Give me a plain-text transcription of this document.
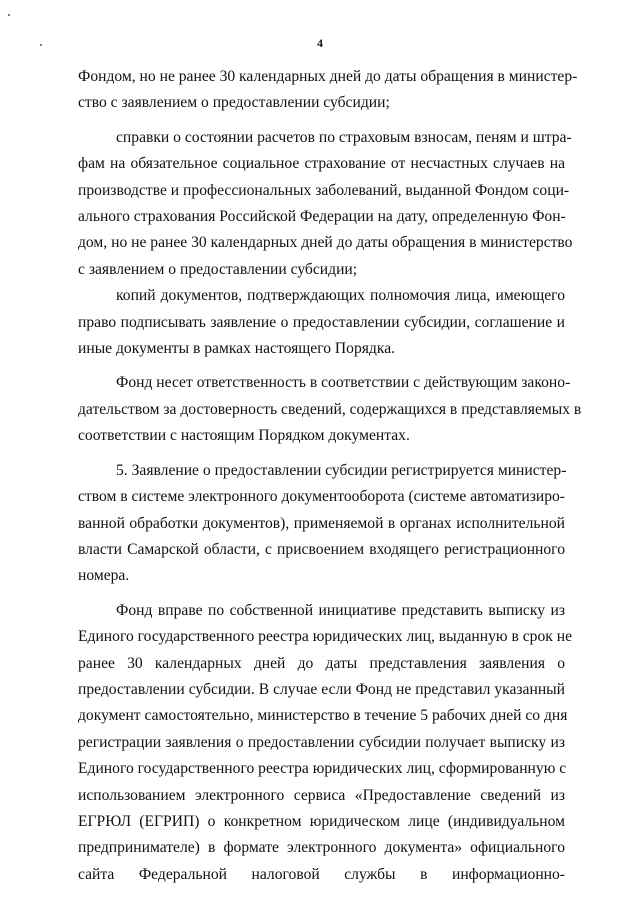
4

Фондом, но не ранее 30 календарных дней до даты обращения в министер-
ство с заявлением о предоставлении субсидии;

справки о состоянии расчетов по страховым взносам, пеням и штра-
фам на обязательное социальное страхование от несчастных случаев на
производстве и профессиональных заболеваний, выданной Фондом соци-
ального страхования Российской Федерации на дату, определенную Фон-
дом, но не ранее 30 календарных дней до даты обращения в министерство
с заявлением о предоставлении субсидии;

копий документов, подтверждающих полномочия лица, имеющего
право подписывать заявление о предоставлении субсидии, соглашение и
иные документы в рамках настоящего Порядка.

Фонд несет ответственность в соответствии с действующим законо-
дательством за достоверность сведений, содержащихся в представляемых в
соответствии с настоящим Порядком документах.

5. Заявление о предоставлении субсидии регистрируется министер-
ством в системе электронного документооборота (системе автоматизиро-
ванной обработки документов), применяемой в органах исполнительной
власти Самарской области, с присвоением входящего регистрационного
номера.

Фонд вправе по собственной инициативе представить выписку из
Единого государственного реестра юридических лиц, выданную в срок не
ранее 30 календарных дней до даты представления заявления о
предоставлении субсидии. В случае если Фонд не представил указанный
документ самостоятельно, министерство в течение 5 рабочих дней со дня
регистрации заявления о предоставлении субсидии получает выписку из
Единого государственного реестра юридических лиц, сформированную с
использованием электронного сервиса «Предоставление сведений из
ЕГРЮЛ (ЕГРИП) о конкретном юридическом лице (индивидуальном
предпринимателе) в формате электронного документа» официального
сайта Федеральной налоговой службы в информационно-
